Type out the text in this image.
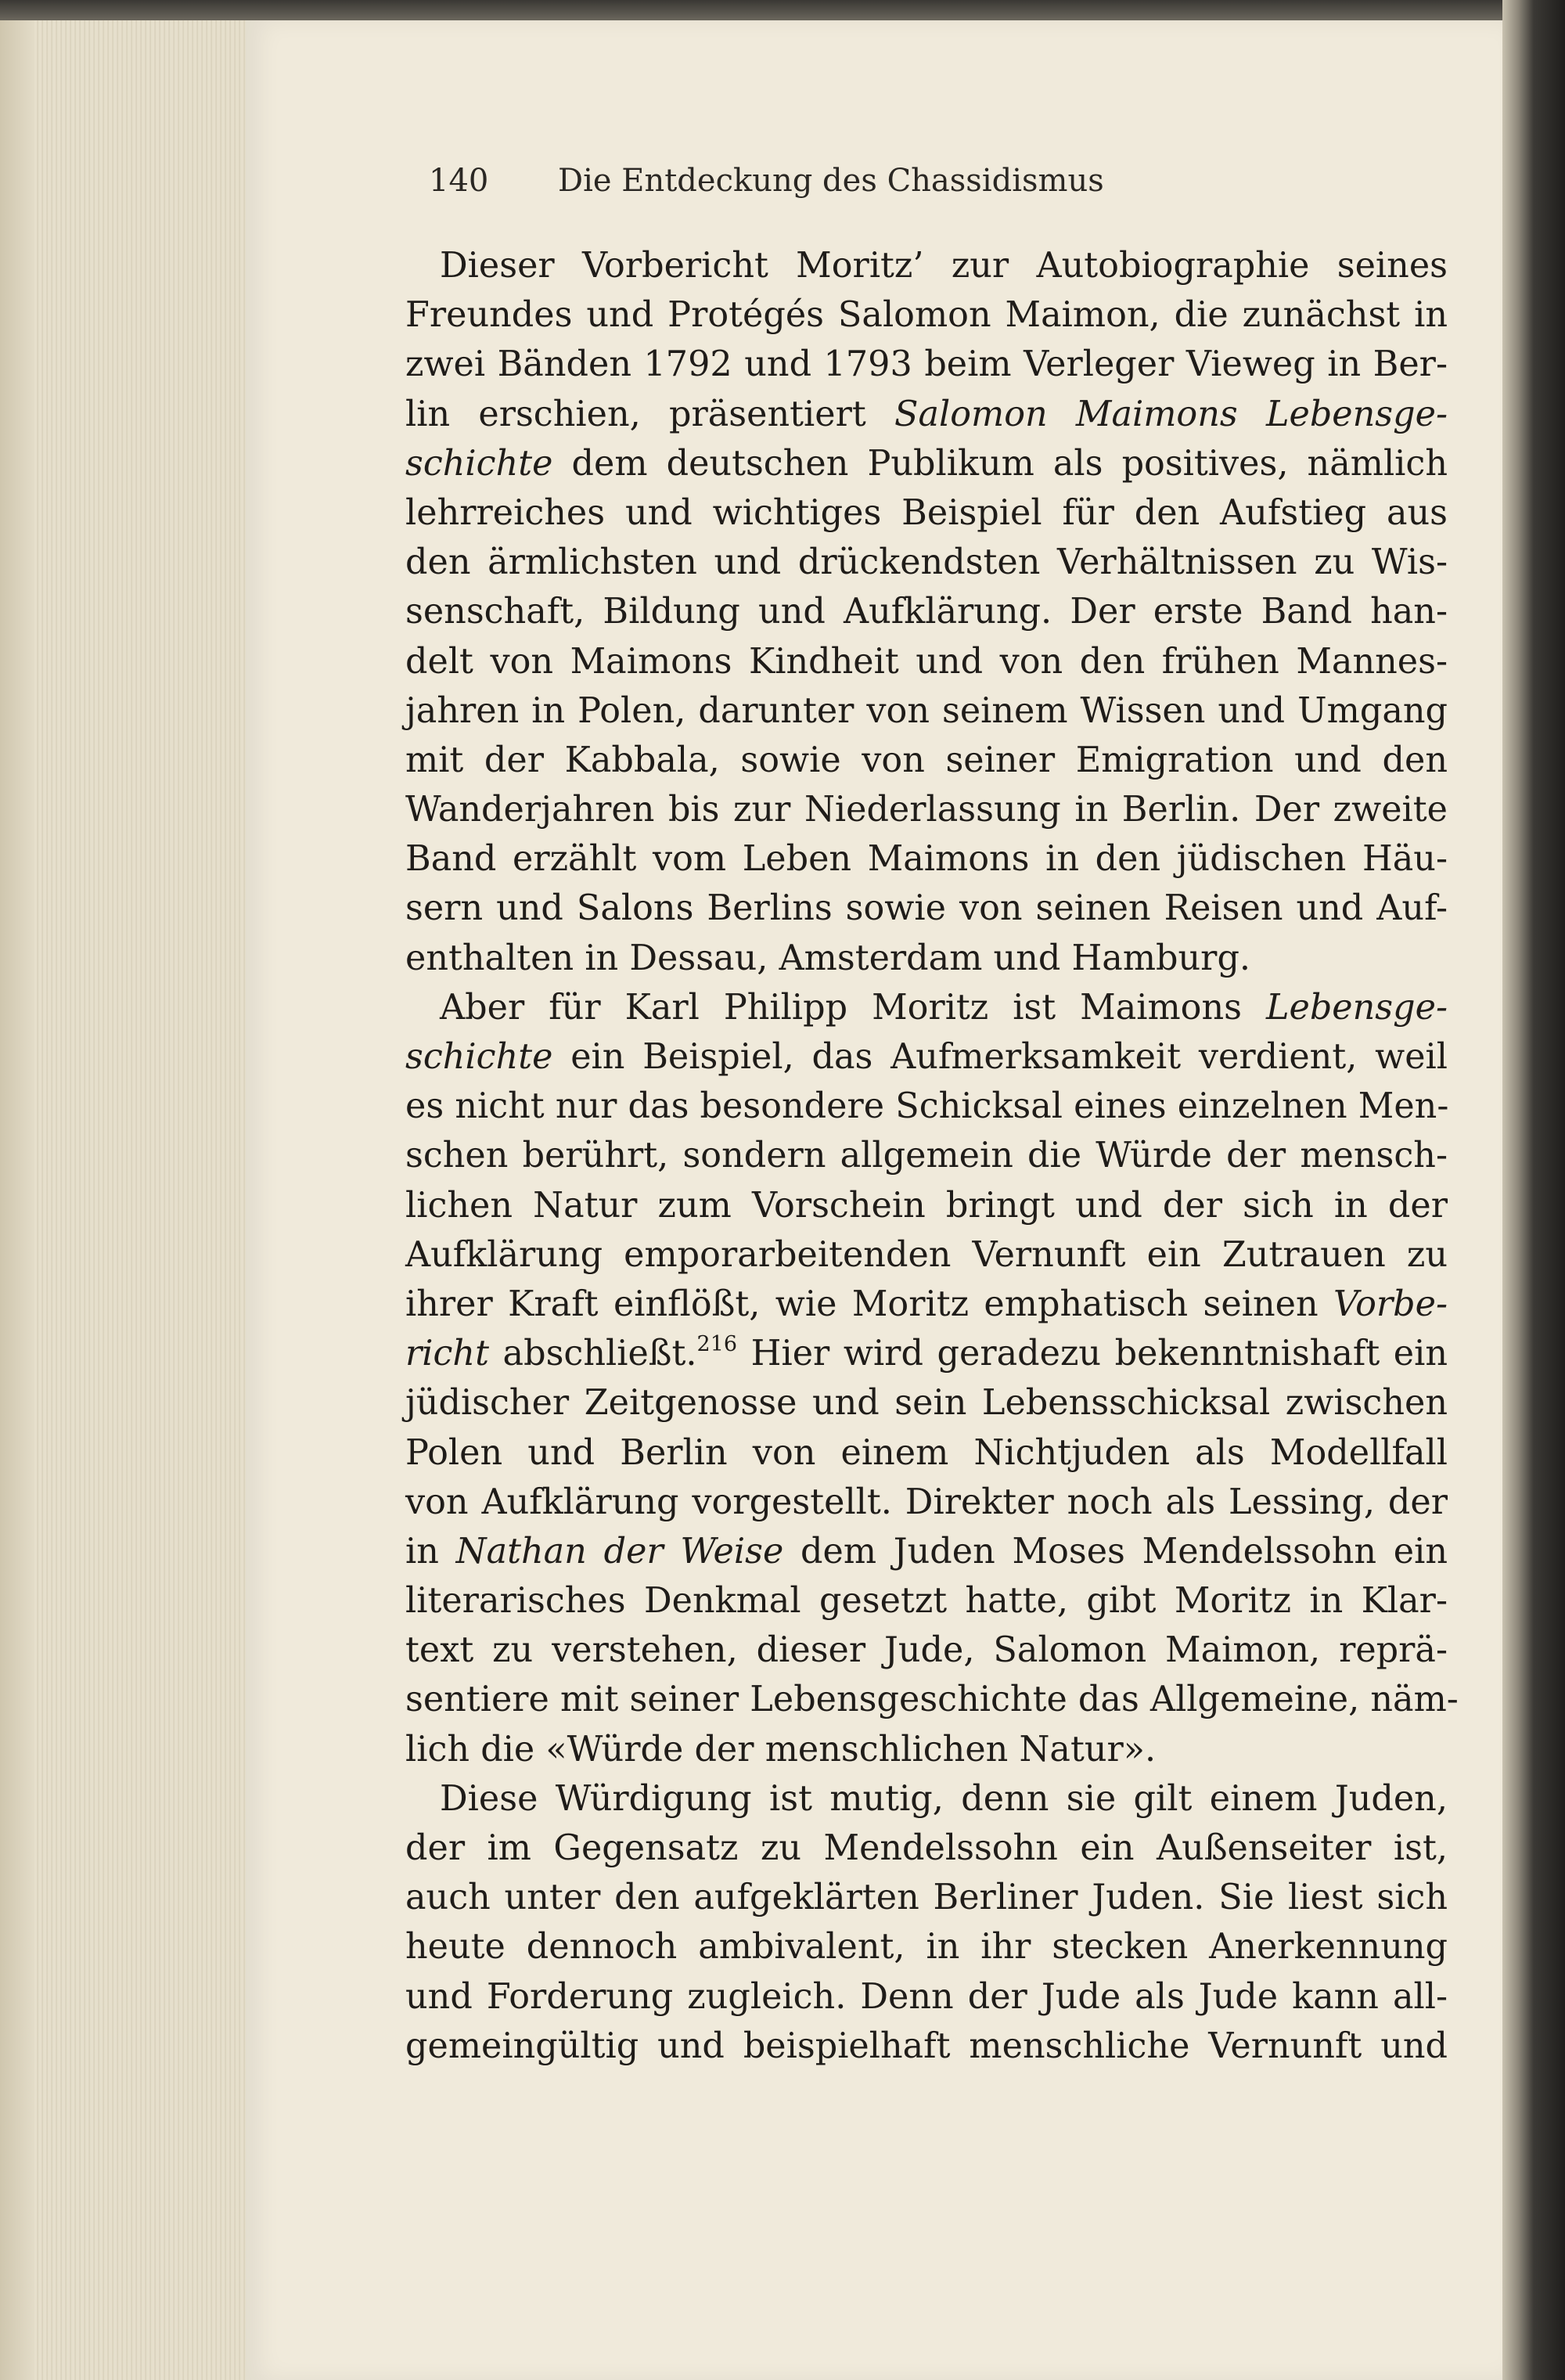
140 Die Entdeckung des Chassidismus
Dieser Vorbericht Moritz’ zur Autobiographie seines
Freundes und Protégés Salomon Maimon, die zunächst in
zwei Bänden 1792 und 1793 beim Verleger Vieweg in Ber-
lin erschien, präsentiert Salomon Maimons Lebensge-
schichte dem deutschen Publikum als positives, nämlich
lehrreiches und wichtiges Beispiel für den Aufstieg aus
den ärmlichsten und drückendsten Verhältnissen zu Wis-
senschaft, Bildung und Aufklärung. Der erste Band han-
delt von Maimons Kindheit und von den frühen Mannes-
jahren in Polen, darunter von seinem Wissen und Umgang
mit der Kabbala, sowie von seiner Emigration und den
Wanderjahren bis zur Niederlassung in Berlin. Der zweite
Band erzählt vom Leben Maimons in den jüdischen Häu-
sern und Salons Berlins sowie von seinen Reisen und Auf-
enthalten in Dessau, Amsterdam und Hamburg.
Aber für Karl Philipp Moritz ist Maimons Lebensge-
schichte ein Beispiel, das Aufmerksamkeit verdient, weil
es nicht nur das besondere Schicksal eines einzelnen Men-
schen berührt, sondern allgemein die Würde der mensch-
lichen Natur zum Vorschein bringt und der sich in der
Aufklärung emporarbeitenden Vernunft ein Zutrauen zu
ihrer Kraft einflößt, wie Moritz emphatisch seinen Vorbe-
richt abschließt.$^{216}$ Hier wird geradezu bekenntnishaft ein
jüdischer Zeitgenosse und sein Lebensschicksal zwischen
Polen und Berlin von einem Nichtjuden als Modellfall
von Aufklärung vorgestellt. Direkter noch als Lessing, der
in Nathan der Weise dem Juden Moses Mendelssohn ein
literarisches Denkmal gesetzt hatte, gibt Moritz in Klar-
text zu verstehen, dieser Jude, Salomon Maimon, reprä-
sentiere mit seiner Lebensgeschichte das Allgemeine, näm-
lich die «Würde der menschlichen Natur».
Diese Würdigung ist mutig, denn sie gilt einem Juden,
der im Gegensatz zu Mendelssohn ein Außenseiter ist,
auch unter den aufgeklärten Berliner Juden. Sie liest sich
heute dennoch ambivalent, in ihr stecken Anerkennung
und Forderung zugleich. Denn der Jude als Jude kann all-
gemeingültig und beispielhaft menschliche Vernunft und
